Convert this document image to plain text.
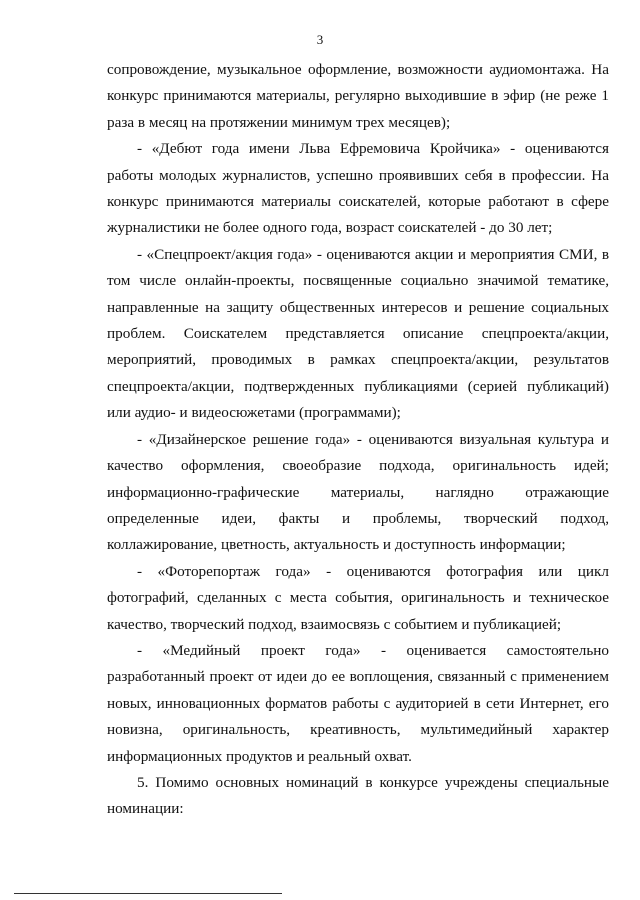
3

сопровождение, музыкальное оформление, возможности аудиомонтажа. На конкурс принимаются материалы, регулярно выходившие в эфир (не реже 1 раза в месяц на протяжении минимум трех месяцев);

- «Дебют года имени Льва Ефремовича Кройчика» - оцениваются работы молодых журналистов, успешно проявивших себя в профессии. На конкурс принимаются материалы соискателей, которые работают в сфере журналистики не более одного года, возраст соискателей - до 30 лет;

- «Спецпроект/акция года» - оцениваются акции и мероприятия СМИ, в том числе онлайн-проекты, посвященные социально значимой тематике, направленные на защиту общественных интересов и решение социальных проблем. Соискателем представляется описание спецпроекта/акции, мероприятий, проводимых в рамках спецпроекта/акции, результатов спецпроекта/акции, подтвержденных публикациями (серией публикаций) или аудио- и видеосюжетами (программами);

- «Дизайнерское решение года» - оцениваются визуальная культура и качество оформления, своеобразие подхода, оригинальность идей; информационно-графические материалы, наглядно отражающие определенные идеи, факты и проблемы, творческий подход, коллажирование, цветность, актуальность и доступность информации;

- «Фоторепортаж года» - оцениваются фотография или цикл фотографий, сделанных с места события, оригинальность и техническое качество, творческий подход, взаимосвязь с событием и публикацией;

- «Медийный проект года» - оценивается самостоятельно разработанный проект от идеи до ее воплощения, связанный с применением новых, инновационных форматов работы с аудиторией в сети Интернет, его новизна, оригинальность, креативность, мультимедийный характер информационных продуктов и реальный охват.

5. Помимо основных номинаций в конкурсе учреждены специальные номинации:
